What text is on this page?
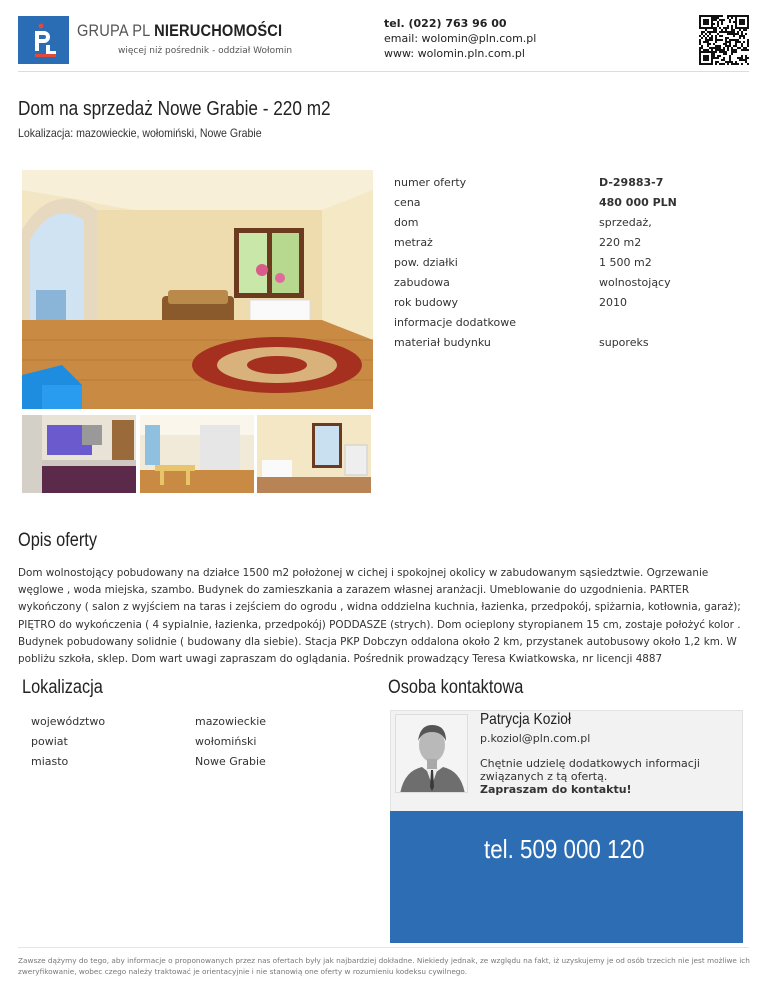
GRUPA PL NIERUCHOMOŚCI
więcej niż pośrednik - oddział Wołomin
tel. (022) 763 96 00
email: wolomin@pln.com.pl
www: wolomin.pln.com.pl
Dom na sprzedaż Nowe Grabie - 220 m2
Lokalizacja: mazowieckie, wołomiński, Nowe Grabie
numer oferty	D-29883-7
cena	480 000 PLN
dom	sprzedaż,
metraż	220 m2
pow. działki	1 500 m2
zabudowa	wolnostojący
rok budowy	2010
informacje dodatkowe
materiał budynku	suporeks
Opis oferty
Dom wolnostojący pobudowany na działce 1500 m2 położonej w cichej i spokojnej okolicy w zabudowanym sąsiedztwie. Ogrzewanie węglowe , woda miejska, szambo. Budynek do zamieszkania a zarazem własnej aranżacji. Umeblowanie do uzgodnienia. PARTER wykończony ( salon z wyjściem na taras i zejściem do ogrodu , widna oddzielna kuchnia, łazienka, przedpokój, spiżarnia, kotłownia, garaż); PIĘTRO do wykończenia ( 4 sypialnie, łazienka, przedpokój) PODDASZE (strych). Dom ocieplony styropianem 15 cm, zostaje położyć kolor . Budynek pobudowany solidnie ( budowany dla siebie). Stacja PKP Dobczyn oddalona około 2 km, przystanek autobusowy około 1,2 km. W pobliżu szkoła, sklep. Dom wart uwagi zapraszam do oglądania. Pośrednik prowadzący Teresa Kwiatkowska, nr licencji 4887
Lokalizacja
województwo	mazowieckie
powiat	wołomiński
miasto	Nowe Grabie
Osoba kontaktowa
Patrycja Kozioł
p.koziol@pln.com.pl
Chętnie udzielę dodatkowych informacji związanych z tą ofertą.
Zapraszam do kontaktu!
tel. 509 000 120
Zawsze dążymy do tego, aby informacje o proponowanych przez nas ofertach były jak najbardziej dokładne. Niekiedy jednak, ze względu na fakt, iż uzyskujemy je od osób trzecich nie jest możliwe ich zweryfikowanie, wobec czego należy traktować je orientacyjnie i nie stanowią one oferty w rozumieniu kodeksu cywilnego.
